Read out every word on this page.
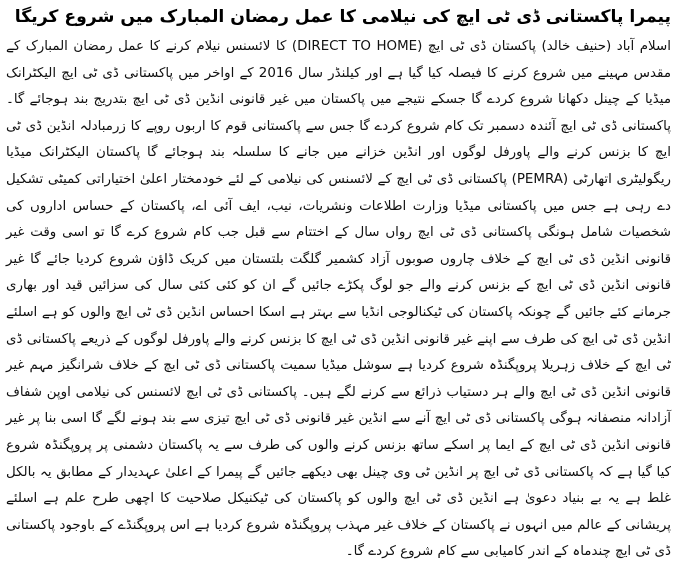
پیمرا پاکستانی ڈی ٹی ایچ کی نیلامی کا عمل رمضان المبارک میں شروع کریگا

اسلام آباد (حنیف خالد) پاکستان ڈی ٹی ایچ (DIRECT TO HOME) کا لائسنس نیلام کرنے کا عمل رمضان المبارک کے مقدس مہینے میں شروع کرنے کا فیصلہ کیا گیا ہے اور کیلنڈر سال 2016 کے اواخر میں پاکستانی ڈی ٹی ایچ الیکٹرانک میڈیا کے چینل دکھانا شروع کردے گا جسکے نتیجے میں پاکستان میں غیر قانونی انڈین ڈی ٹی ایچ بتدریج بند ہوجائے گا۔ پاکستانی ڈی ٹی ایچ آئندہ دسمبر تک کام شروع کردے گا جس سے پاکستانی قوم کا اربوں روپے کا زرمبادلہ انڈین ڈی ٹی ایچ کا بزنس کرنے والے پاورفل لوگوں اور انڈین خزانے میں جانے کا سلسلہ بند ہوجائے گا پاکستان الیکٹرانک میڈیا ریگولیٹری اتھارٹی (PEMRA) پاکستانی ڈی ٹی ایچ کے لائسنس کی نیلامی کے لئے خودمختار اعلیٰ اختیاراتی کمیٹی تشکیل دے رہی ہے جس میں پاکستانی میڈیا وزارت اطلاعات ونشریات، نیب، ایف آئی اے، پاکستان کے حساس اداروں کی شخصیات شامل ہونگی پاکستانی ڈی ٹی ایچ رواں سال کے اختتام سے قبل جب کام شروع کرے گا تو اسی وقت غیر قانونی انڈین ڈی ٹی ایچ کے خلاف چاروں صوبوں آزاد کشمیر گلگت بلتستان میں کریک ڈاؤن شروع کردیا جائے گا غیر قانونی انڈین ڈی ٹی ایچ کے بزنس کرنے والے جو لوگ پکڑے جائیں گے ان کو کئی کئی سال کی سزائیں قید اور بھاری جرمانے کئے جائیں گے چونکہ پاکستان کی ٹیکنالوجی انڈیا سے بہتر ہے اسکا احساس انڈین ڈی ٹی ایچ والوں کو ہے اسلئے انڈین ڈی ٹی ایچ کی طرف سے اپنے غیر قانونی انڈین ڈی ٹی ایچ کا بزنس کرنے والے پاورفل لوگوں کے ذریعے پاکستانی ڈی ٹی ایچ کے خلاف زہریلا پروپگنڈہ شروع کردیا ہے سوشل میڈیا سمیت پاکستانی ڈی ٹی ایچ کے خلاف شرانگیز مہم غیر قانونی انڈین ڈی ٹی ایچ والے ہر دستیاب ذرائع سے کرنے لگے ہیں۔ پاکستانی ڈی ٹی ایچ لائسنس کی نیلامی اوپن شفاف آزادانہ منصفانہ ہوگی پاکستانی ڈی ٹی ایچ آنے سے انڈین غیر قانونی ڈی ٹی ایچ تیزی سے بند ہونے لگے گا اسی بنا پر غیر قانونی انڈین ڈی ٹی ایچ کے ایما پر اسکے ساتھ بزنس کرنے والوں کی طرف سے یہ پاکستان دشمنی پر پروپگنڈہ شروع کیا گیا ہے کہ پاکستانی ڈی ٹی ایچ پر انڈین ٹی وی چینل بھی دیکھے جائیں گے پیمرا کے اعلیٰ عہدیدار کے مطابق یہ بالکل غلط ہے یہ بے بنیاد دعویٰ ہے انڈین ڈی ٹی ایچ والوں کو پاکستان کی ٹیکنیکل صلاحیت کا اچھی طرح علم ہے اسلئے پریشانی کے عالم میں انہوں نے پاکستان کے خلاف غیر مہذب پروپگنڈہ شروع کردیا ہے اس پروپگنڈے کے باوجود پاکستانی ڈی ٹی ایچ چندماہ کے اندر کامیابی سے کام شروع کردے گا۔
